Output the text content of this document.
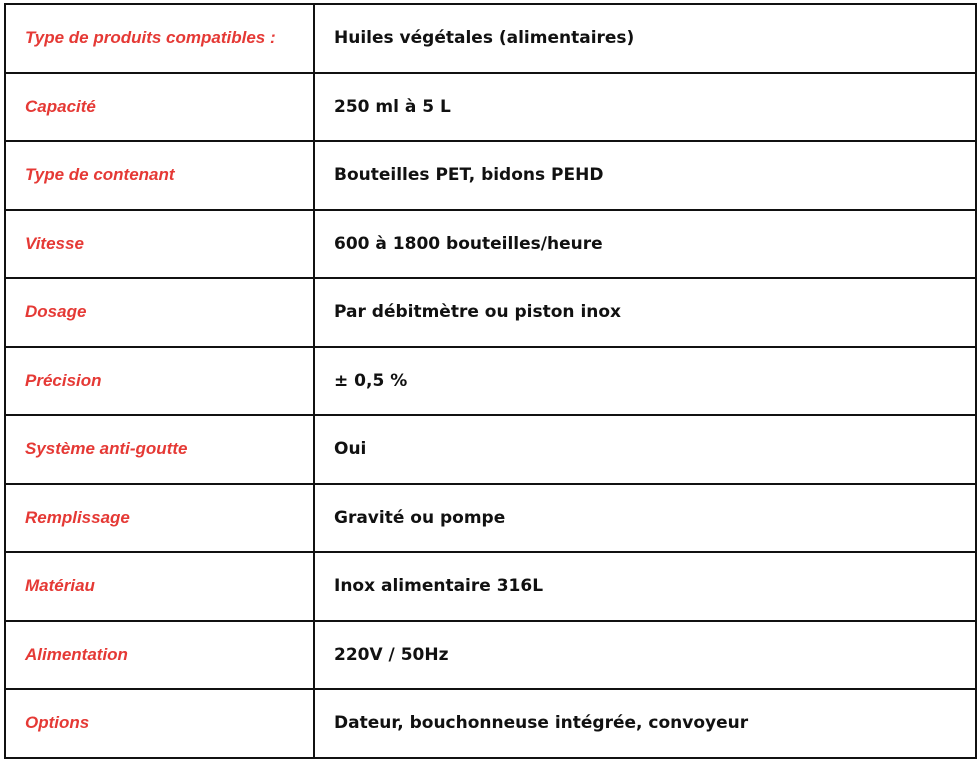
Type de produits compatibles :	Huiles végétales (alimentaires)
Capacité	250 ml à 5 L
Type de contenant	Bouteilles PET, bidons PEHD
Vitesse	600 à 1800 bouteilles/heure
Dosage	Par débitmètre ou piston inox
Précision	± 0,5 %
Système anti-goutte	Oui
Remplissage	Gravité ou pompe
Matériau	Inox alimentaire 316L
Alimentation	220V / 50Hz
Options	Dateur, bouchonneuse intégrée, convoyeur
